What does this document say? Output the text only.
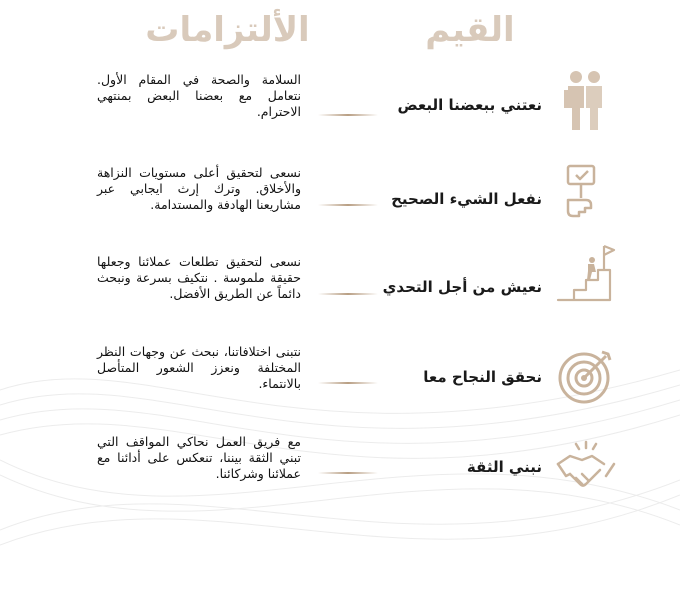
القيم
الألتزامات
نعتني ببعضنا البعض
السلامة والصحة في المقام الأول. نتعامل مع بعضنا البعض بمنتهي الاحترام.
نفعل الشيء الصحيح
نسعى لتحقيق أعلى مستويات النزاهة والأخلاق. وترك إرث ايجابي عبر مشاريعنا الهادفة والمستدامة.
نعيش من أجل التحدي
نسعى لتحقيق تطلعات عملائنا وجعلها حقيقة ملموسة . نتكيف بسرعة ونبحث دائماً عن الطريق الأفضل.
نحقق النجاح معا
نتبنى اختلافاتنا، نبحث عن وجهات النظر المختلفة ونعزز الشعور المتأصل بالانتماء.
نبني الثقة
مع فريق العمل نحاكي المواقف التي تبني الثقة بيننا، تنعكس على أدائنا مع عملائنا وشركائنا.
